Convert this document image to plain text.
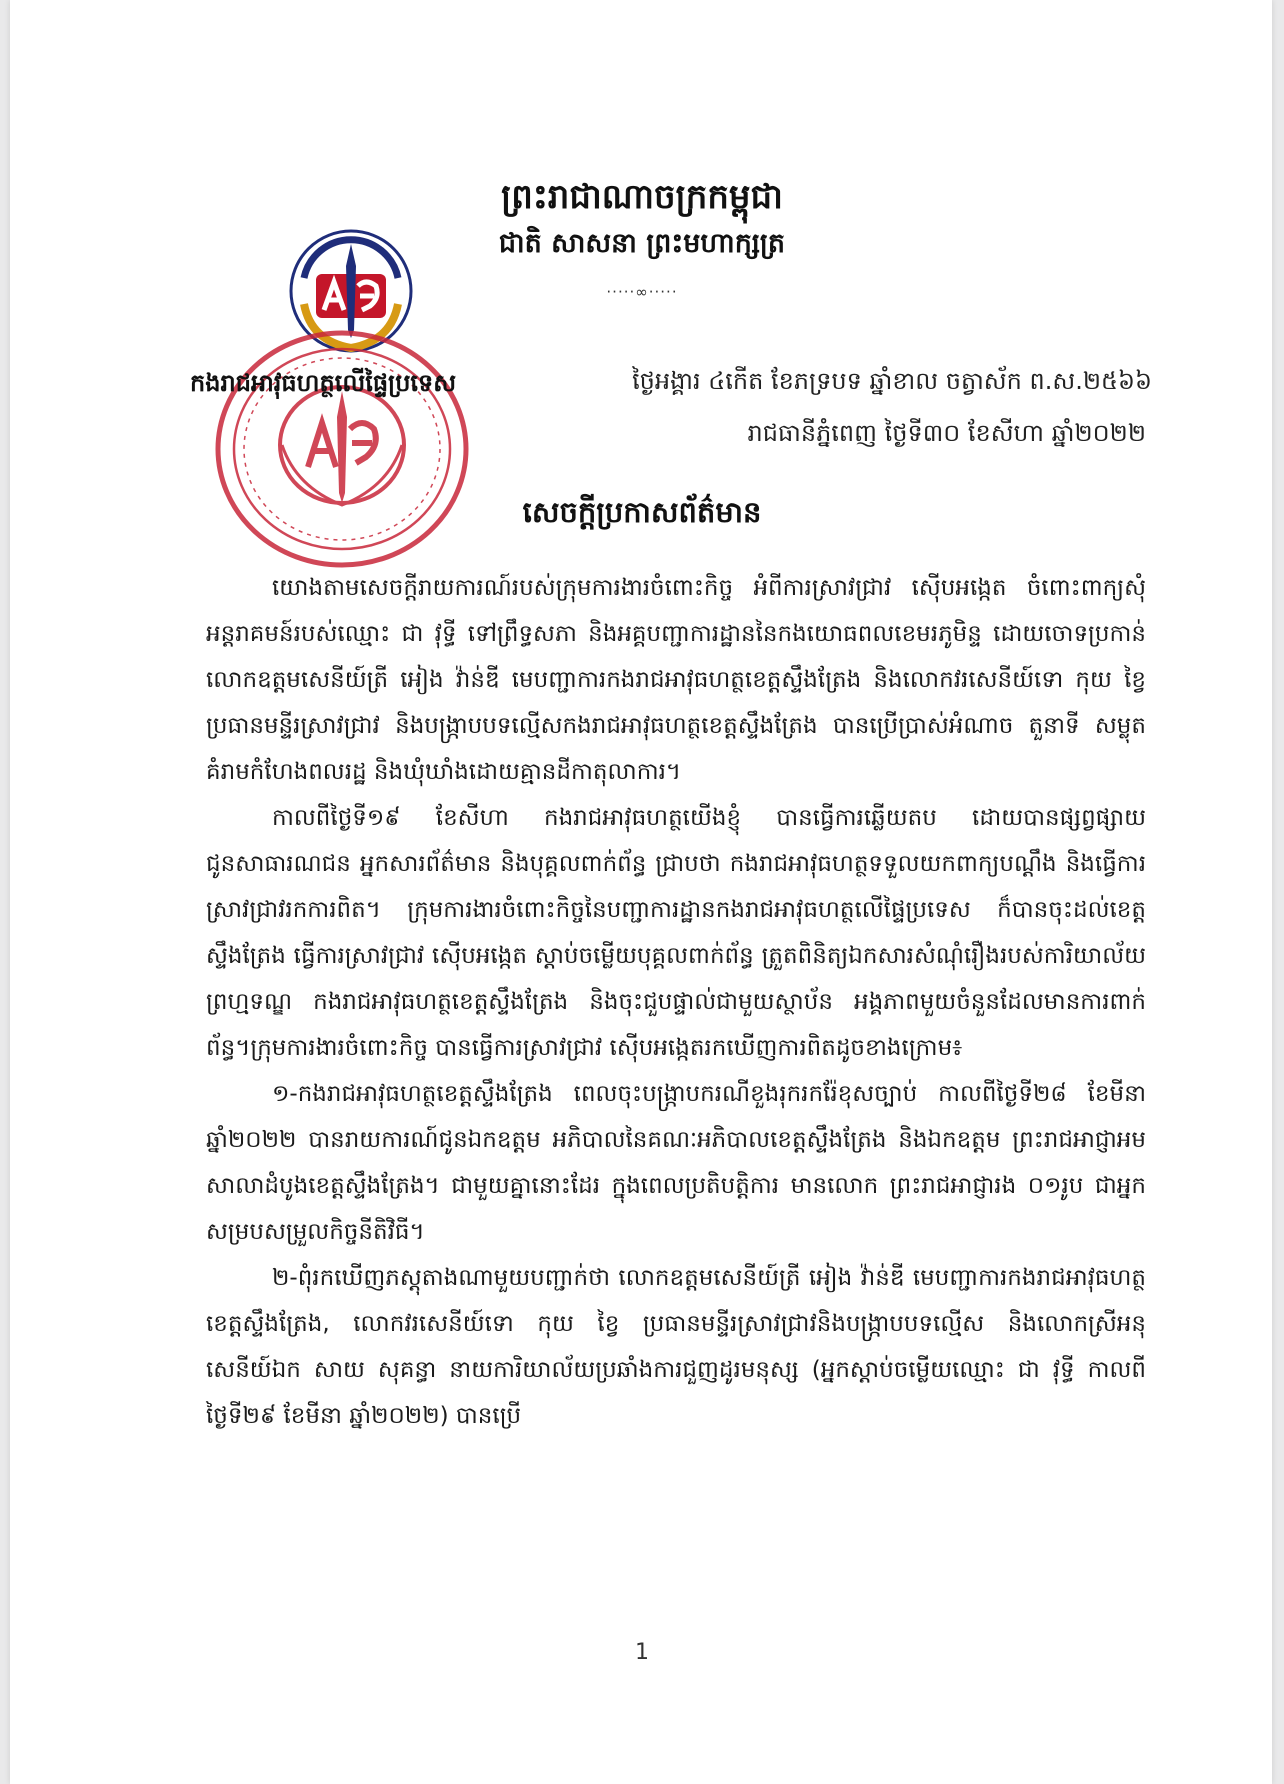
ព្រះរាជាណាចក្រកម្ពុជា
ជាតិ សាសនា ព្រះមហាក្សត្រ
·····∞·····
កងរាជអាវុធហត្ថលើផ្ទៃប្រទេស	ថ្ងៃអង្គារ ៤កើត ខែភទ្របទ ឆ្នាំខាល ចត្វាស័ក ព.ស.២៥៦៦
រាជធានីភ្នំពេញ ថ្ងៃទី៣០ ខែសីហា ឆ្នាំ២០២២
សេចក្តីប្រកាសព័ត៌មាន

យោងតាមសេចក្តីរាយការណ៍របស់ក្រុមការងារចំពោះកិច្ច អំពីការស្រាវជ្រាវ ស៊ើបអង្កេត ចំពោះពាក្យសុំអន្តរាគមន៍របស់ឈ្មោះ ជា វុទ្ធី ទៅព្រឹទ្ធសភា និងអគ្គបញ្ជាការដ្ឋាននៃកងយោធពលខេមរភូមិន្ទ ដោយចោទប្រកាន់លោកឧត្តមសេនីយ៍ត្រី អៀង វ៉ាន់ឌី មេបញ្ជាការកងរាជអាវុធហត្ថខេត្តស្ទឹងត្រែង និងលោកវរសេនីយ៍ទោ កុយ ខ្វៃ ប្រធានមន្ទីរស្រាវជ្រាវ និងបង្ក្រាបបទល្មើសកងរាជអាវុធហត្ថខេត្តស្ទឹងត្រែង បានប្រើប្រាស់អំណាច តួនាទី សម្លុតគំរាមកំហែងពលរដ្ឋ និងឃុំឃាំងដោយគ្មានដីកាតុលាការ។

កាលពីថ្ងៃទី១៩ ខែសីហា កងរាជអាវុធហត្ថយើងខ្ញុំ បានធ្វើការឆ្លើយតប ដោយបានផ្សព្វផ្សាយជូនសាធារណជន អ្នកសារព័ត៌មាន និងបុគ្គលពាក់ព័ន្ធ ជ្រាបថា កងរាជអាវុធហត្ថទទួលយកពាក្យបណ្តឹង និងធ្វើការស្រាវជ្រាវរកការពិត។ ក្រុមការងារចំពោះកិច្ចនៃបញ្ជាការដ្ឋានកងរាជអាវុធហត្ថលើផ្ទៃប្រទេស ក៏បានចុះដល់ខេត្តស្ទឹងត្រែង ធ្វើការស្រាវជ្រាវ ស៊ើបអង្កេត ស្តាប់ចម្លើយបុគ្គលពាក់ព័ន្ធ ត្រួតពិនិត្យឯកសារសំណុំរឿងរបស់ការិយាល័យព្រហ្មទណ្ឌ កងរាជអាវុធហត្ថខេត្តស្ទឹងត្រែង និងចុះជួបផ្ទាល់ជាមួយស្ថាប័ន អង្គភាពមួយចំនួនដែលមានការពាក់ព័ន្ធ។ក្រុមការងារចំពោះកិច្ច បានធ្វើការស្រាវជ្រាវ ស៊ើបអង្កេតរកឃើញការពិតដូចខាងក្រោម៖

១-កងរាជអាវុធហត្ថខេត្តស្ទឹងត្រែង ពេលចុះបង្ក្រាបករណីខួងរុករករ៉ែខុសច្បាប់ កាលពីថ្ងៃទី២៨ ខែមីនា ឆ្នាំ២០២២ បានរាយការណ៍ជូនឯកឧត្តម អភិបាលនៃគណៈអភិបាលខេត្តស្ទឹងត្រែង និងឯកឧត្តម ព្រះរាជអាជ្ញាអមសាលាដំបូងខេត្តស្ទឹងត្រែង។ ជាមួយគ្នានោះដែរ ក្នុងពេលប្រតិបត្តិការ មានលោក ព្រះរាជអាជ្ញារង ០១រូប ជាអ្នកសម្របសម្រួលកិច្ចនីតិវិធី។

២-ពុំរកឃើញភស្តុតាងណាមួយបញ្ជាក់ថា លោកឧត្តមសេនីយ៍ត្រី អៀង វ៉ាន់ឌី មេបញ្ជាការកងរាជអាវុធហត្ថខេត្តស្ទឹងត្រែង, លោកវរសេនីយ៍ទោ កុយ ខ្វៃ ប្រធានមន្ទីរស្រាវជ្រាវនិងបង្ក្រាបបទល្មើស និងលោកស្រីអនុសេនីយ៍ឯក សាយ សុគន្ធា នាយការិយាល័យប្រឆាំងការជួញដូរមនុស្ស (អ្នកស្តាប់ចម្លើយឈ្មោះ ជា វុទ្ធី កាលពីថ្ងៃទី២៩ ខែមីនា ឆ្នាំ២០២២) បានប្រើ

1
